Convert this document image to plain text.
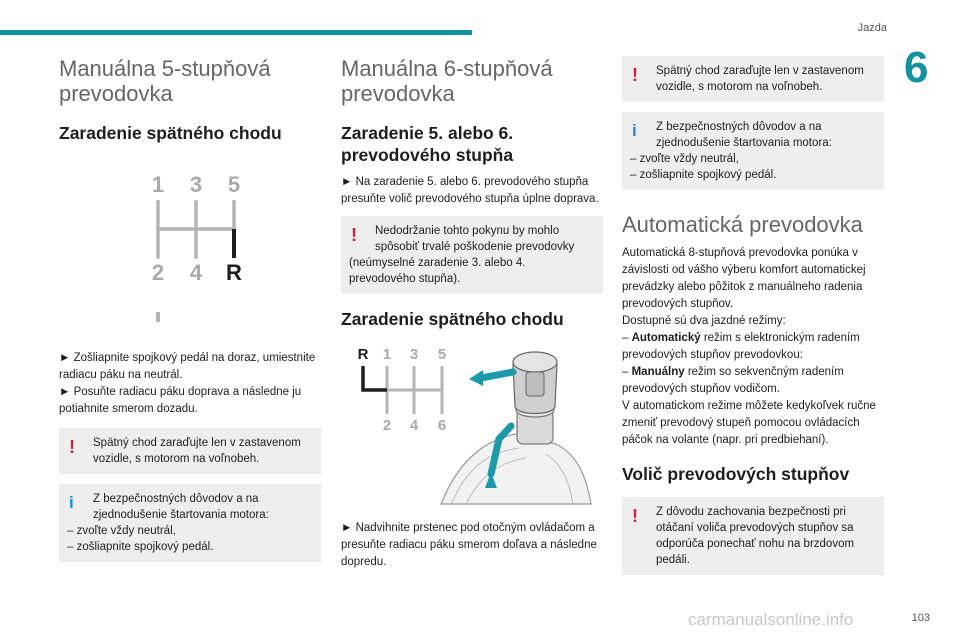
Jazda
6
Manuálna 5-stupňová prevodovka
Zaradenie spätného chodu
1 3 5
2 4 R

► Zošliapnite spojkový pedál na doraz, umiestnite radiacu páku na neutrál.

► Posuňte radiacu páku doprava a následne ju potiahnite smerom dozadu.

!	Spätný chod zaraďujte len v zastavenom vozidle, s motorom na voľnobeh.
i	Z bezpečnostných dôvodov a na zjednodušenie štartovania motora:
– zvoľte vždy neutrál,
– zošliapnite spojkový pedál.
Manuálna 6-stupňová prevodovka
Zaradenie 5. alebo 6. prevodového stupňa

► Na zaradenie 5. alebo 6. prevodového stupňa presuňte volič prevodového stupňa úplne doprava.

!	Nedodržanie tohto pokynu by mohlo spôsobiť trvalé poškodenie prevodovky
(neúmyselné zaradenie 3. alebo 4. prevodového stupňa).
Zaradenie spätného chodu
R 1 3 5
2 4 6

► Nadvihnite prstenec pod otočným ovládačom a presuňte radiacu páku smerom doľava a následne dopredu.

!	Spätný chod zaraďujte len v zastavenom vozidle, s motorom na voľnobeh.
i	Z bezpečnostných dôvodov a na zjednodušenie štartovania motora:
– zvoľte vždy neutrál,
– zošliapnite spojkový pedál.
Automatická prevodovka

Automatická 8-stupňová prevodovka ponúka v závislosti od vášho výberu komfort automatickej prevádzky alebo pôžitok z manuálneho radenia prevodových stupňov.

Dostupné sú dva jazdné režimy:

– Automatický režim s elektronickým radením prevodových stupňov prevodovkou:

– Manuálny režim so sekvenčným radením prevodových stupňov vodičom.

V automatickom režime môžete kedykoľvek ručne zmeniť prevodový stupeň pomocou ovládacích páčok na volante (napr. pri predbiehaní).

Volič prevodových stupňov
!	Z dôvodu zachovania bezpečnosti pri otáčaní voliča prevodových stupňov sa odporúča ponechať nohu na brzdovom pedáli.
carmanualsonline.info	103
